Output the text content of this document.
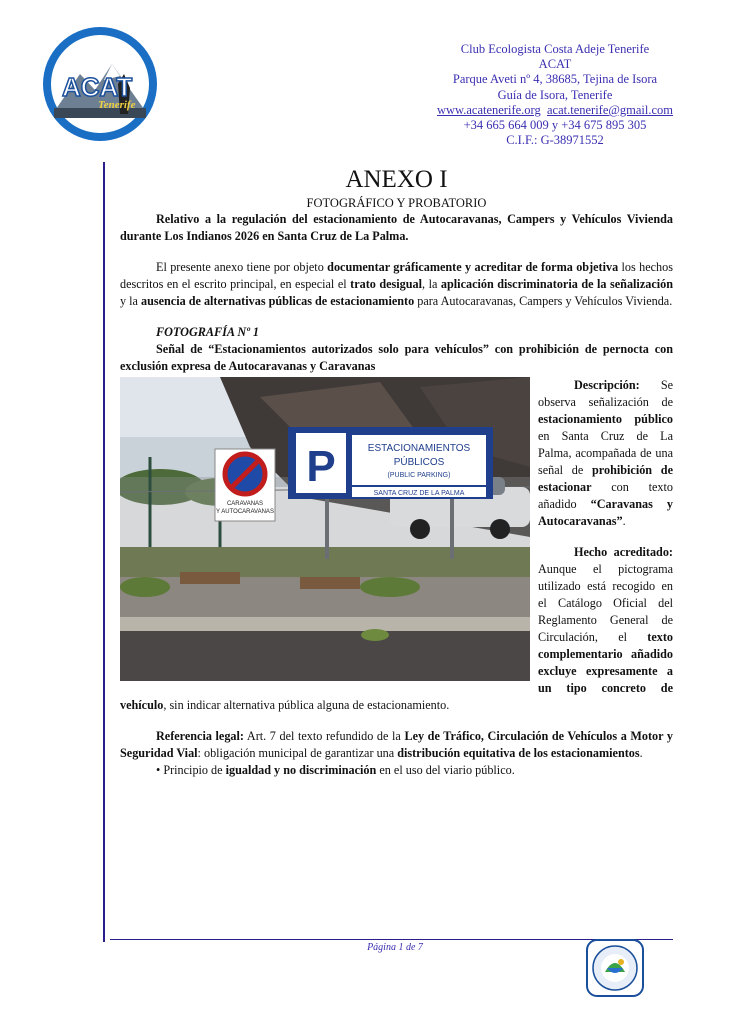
ACAT
Tenerife
Club Ecologista Costa Adeje Tenerife
ACAT
Parque Aveti nº 4, 38685, Tejina de Isora
Guía de Isora, Tenerife
www.acatenerife.org acat.tenerife@gmail.com
+34 665 664 009 y +34 675 895 305
C.I.F.: G-38971552
ANEXO I

FOTOGRÁFICO Y PROBATORIO

Relativo a la regulación del estacionamiento de Autocaravanas, Campers y Vehículos Vivienda durante Los Indianos 2026 en Santa Cruz de La Palma.

El presente anexo tiene por objeto documentar gráficamente y acreditar de forma objetiva los hechos descritos en el escrito principal, en especial el trato desigual, la aplicación discriminatoria de la señalización y la ausencia de alternativas públicas de estacionamiento para Autocaravanas, Campers y Vehículos Vivienda.

FOTOGRAFÍA Nº 1

Señal de “Estacionamientos autorizados solo para vehículos” con prohibición de pernocta con exclusión expresa de Autocaravanas y Caravanas

CARAVANAS
Y AUTOCARAVANAS
P	ESTACIONAMIENTOS
PÚBLICOS
(PUBLIC PARKING)
SANTA CRUZ DE LA PALMA

Descripción: Se observa señalización de estacionamiento público en Santa Cruz de La Palma, acompañada de una señal de prohibición de estacionar con texto añadido “Caravanas y Autocaravanas”.

Hecho acreditado: Aunque el pictograma utilizado está recogido en el Catálogo Oficial del Reglamento General de Circulación, el texto complementario añadido excluye expresamente a un tipo concreto de vehículo, sin indicar alternativa pública alguna de estacionamiento.

Referencia legal: Art. 7 del texto refundido de la Ley de Tráfico, Circulación de Vehículos a Motor y Seguridad Vial: obligación municipal de garantizar una distribución equitativa de los estacionamientos.

• Principio de igualdad y no discriminación en el uso del viario público.

Página 1 de 7
